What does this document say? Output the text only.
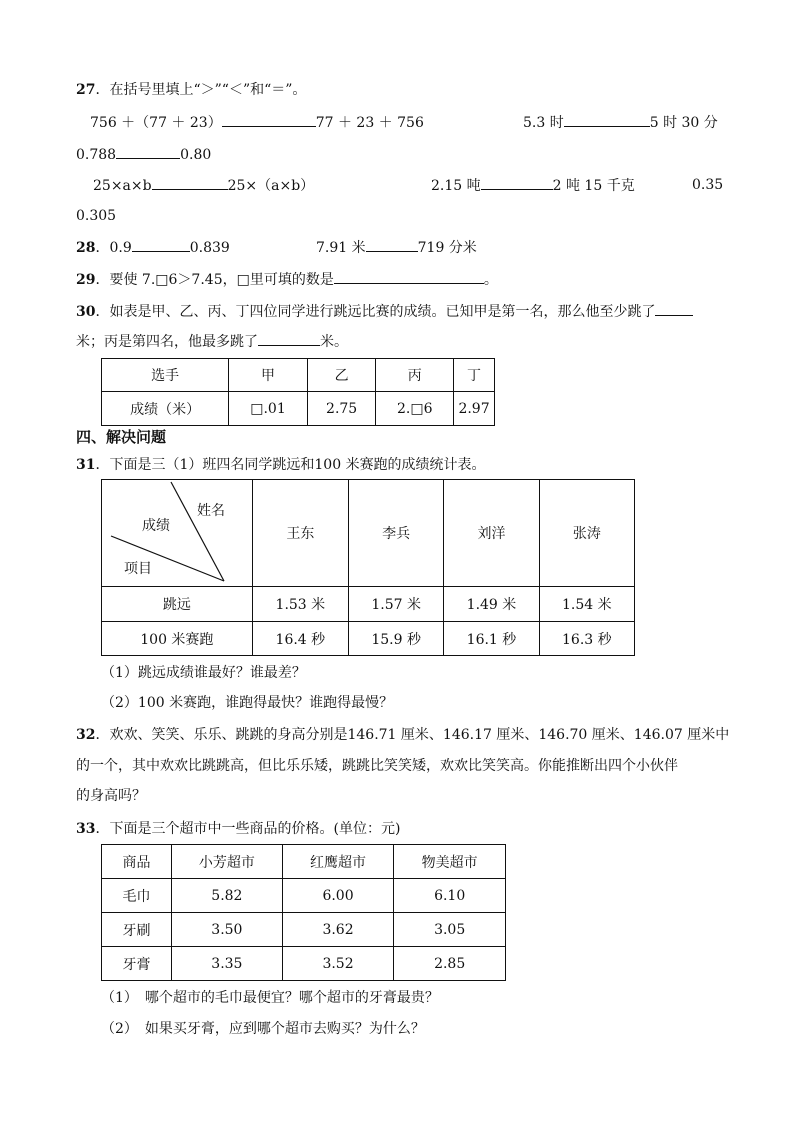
27．在括号里填上“＞”“＜”和“＝”。
756 ＋（77 ＋ 23）	77 ＋ 23 ＋ 756	5.3 时	5 时 30 分
0.788	0.80
25×a×b	25×（a×b）	2.15 吨	2 吨 15 千克	0.35
0.305
28．0.9	0.839	7.91 米	719 分米
29．要使 7.□6＞7.45，□里可填的数是	。
30．如表是甲、乙、丙、丁四位同学进行跳远比赛的成绩。已知甲是第一名，那么他至少跳了
米；丙是第四名，他最多跳了	米。
选手	甲	乙	丙	丁
成绩（米）	□.01	2.75	2.□6	2.97
四、解决问题
31．下面是三（1）班四名同学跳远和100 米赛跑的成绩统计表。
姓名
成绩
项目	王东	李兵	刘洋	张涛
跳远	1.53 米	1.57 米	1.49 米	1.54 米
100 米赛跑	16.4 秒	15.9 秒	16.1 秒	16.3 秒
（1）跳远成绩谁最好？谁最差？
（2）100 米赛跑，谁跑得最快？谁跑得最慢？
32．欢欢、笑笑、乐乐、跳跳的身高分别是146.71 厘米、146.17 厘米、146.70 厘米、146.07 厘米中
的一个，其中欢欢比跳跳高，但比乐乐矮，跳跳比笑笑矮，欢欢比笑笑高。你能推断出四个小伙伴
的身高吗？
33．下面是三个超市中一些商品的价格。(单位：元)
商品	小芳超市	红鹰超市	物美超市
毛巾	5.82	6.00	6.10
牙刷	3.50	3.62	3.05
牙膏	3.35	3.52	2.85
（1）　哪个超市的毛巾最便宜？哪个超市的牙膏最贵？
（2）　如果买牙膏，应到哪个超市去购买？为什么？
